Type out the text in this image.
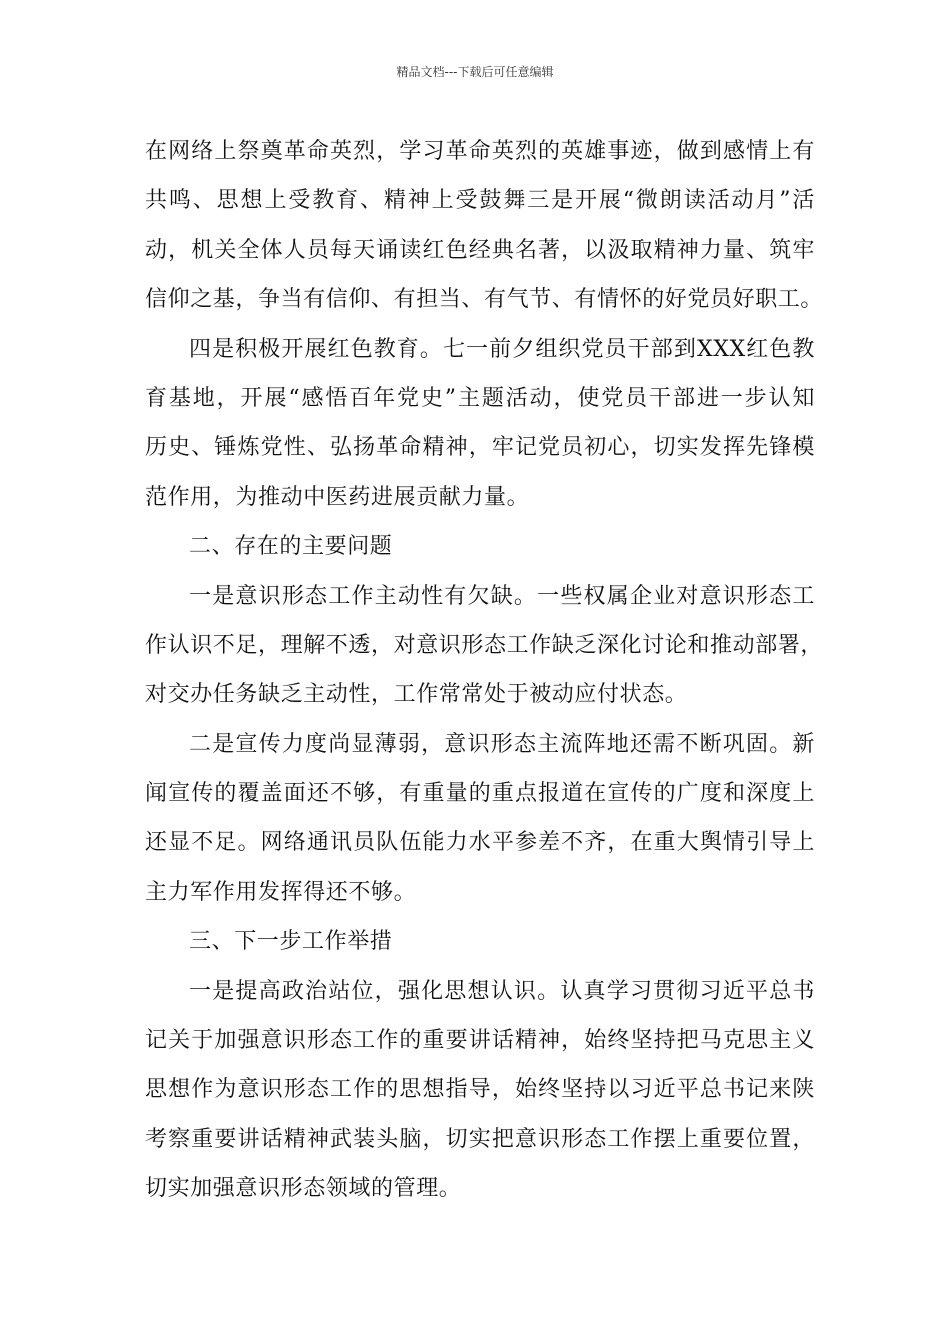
精品文档---下载后可任意编辑
在网络上祭奠革命英烈，学习革命英烈的英雄事迹，做到感情上有
共鸣、思想上受教育、精神上受鼓舞三是开展“微朗读活动月”活
动，机关全体人员每天诵读红色经典名著，以汲取精神力量、筑牢
信仰之基，争当有信仰、有担当、有气节、有情怀的好党员好职工。
四是积极开展红色教育。七一前夕组织党员干部到XXX红色教
育基地，开展“感悟百年党史”主题活动，使党员干部进一步认知
历史、锤炼党性、弘扬革命精神，牢记党员初心，切实发挥先锋模
范作用，为推动中医药进展贡献力量。
二、存在的主要问题
一是意识形态工作主动性有欠缺。一些权属企业对意识形态工
作认识不足，理解不透，对意识形态工作缺乏深化讨论和推动部署，
对交办任务缺乏主动性，工作常常处于被动应付状态。
二是宣传力度尚显薄弱，意识形态主流阵地还需不断巩固。新
闻宣传的覆盖面还不够，有重量的重点报道在宣传的广度和深度上
还显不足。网络通讯员队伍能力水平参差不齐，在重大舆情引导上
主力军作用发挥得还不够。
三、下一步工作举措
一是提高政治站位，强化思想认识。认真学习贯彻习近平总书
记关于加强意识形态工作的重要讲话精神，始终坚持把马克思主义
思想作为意识形态工作的思想指导，始终坚持以习近平总书记来陕
考察重要讲话精神武装头脑，切实把意识形态工作摆上重要位置，
切实加强意识形态领域的管理。
